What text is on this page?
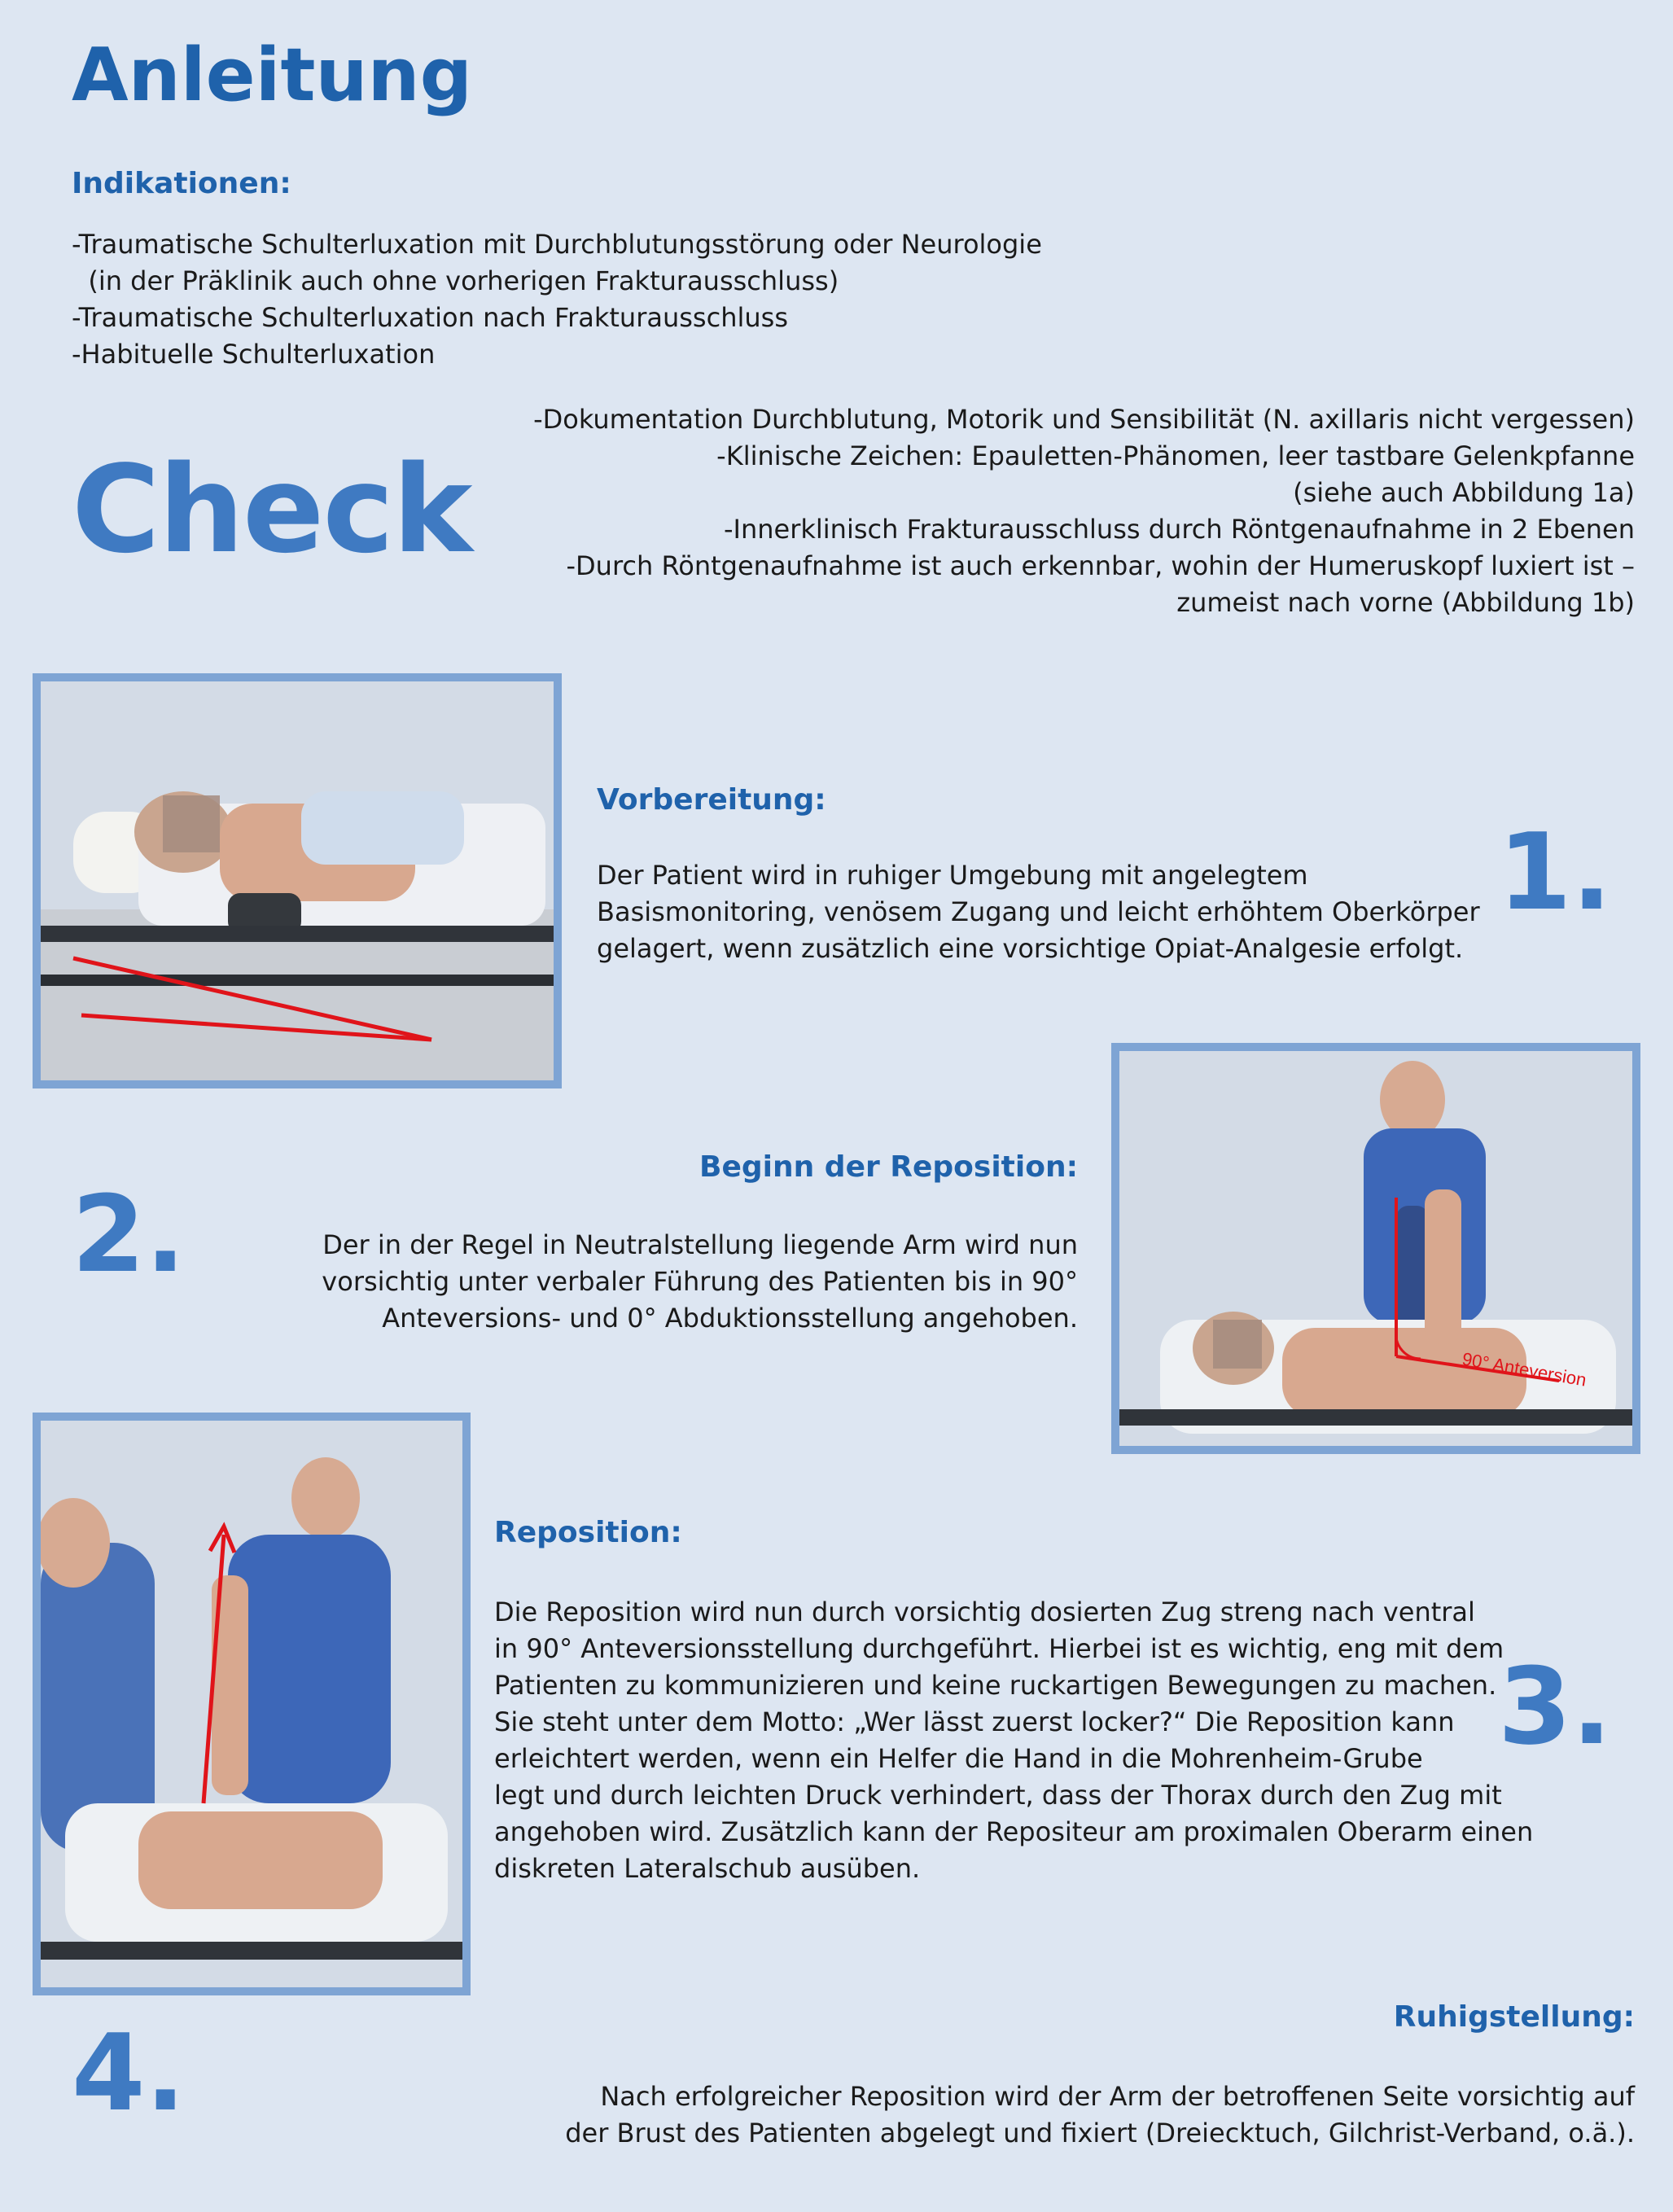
Anleitung
Indikationen:
-Traumatische Schulterluxation mit Durchblutungsstörung oder Neurologie
(in der Präklinik auch ohne vorherigen Frakturausschluss)
-Traumatische Schulterluxation nach Frakturausschluss
-Habituelle Schulterluxation
Check
-Dokumentation Durchblutung, Motorik und Sensibilität (N. axillaris nicht vergessen)
-Klinische Zeichen: Epauletten-Phänomen, leer tastbare Gelenkpfanne
(siehe auch Abbildung 1a)
-Innerklinisch Frakturausschluss durch Röntgenaufnahme in 2 Ebenen
-Durch Röntgenaufnahme ist auch erkennbar, wohin der Humeruskopf luxiert ist –
zumeist nach vorne (Abbildung 1b)
Vorbereitung:
Der Patient wird in ruhiger Umgebung mit angelegtem
Basismonitoring, venösem Zugang und leicht erhöhtem Oberkörper
gelagert, wenn zusätzlich eine vorsichtige Opiat-Analgesie erfolgt.
1.
90° Anteversion
Beginn der Reposition:
Der in der Regel in Neutralstellung liegende Arm wird nun
vorsichtig unter verbaler Führung des Patienten bis in 90°
Anteversions- und 0° Abduktionsstellung angehoben.
2.
Reposition:
Die Reposition wird nun durch vorsichtig dosierten Zug streng nach ventral
in 90° Anteversionsstellung durchgeführt. Hierbei ist es wichtig, eng mit dem
Patienten zu kommunizieren und keine ruckartigen Bewegungen zu machen.
Sie steht unter dem Motto: „Wer lässt zuerst locker?“ Die Reposition kann
erleichtert werden, wenn ein Helfer die Hand in die Mohrenheim-Grube
legt und durch leichten Druck verhindert, dass der Thorax durch den Zug mit
angehoben wird. Zusätzlich kann der Repositeur am proximalen Oberarm einen
diskreten Lateralschub ausüben.
3.
Ruhigstellung:
Nach erfolgreicher Reposition wird der Arm der betroffenen Seite vorsichtig auf
der Brust des Patienten abgelegt und fixiert (Dreiecktuch, Gilchrist-Verband, o.ä.).
4.
